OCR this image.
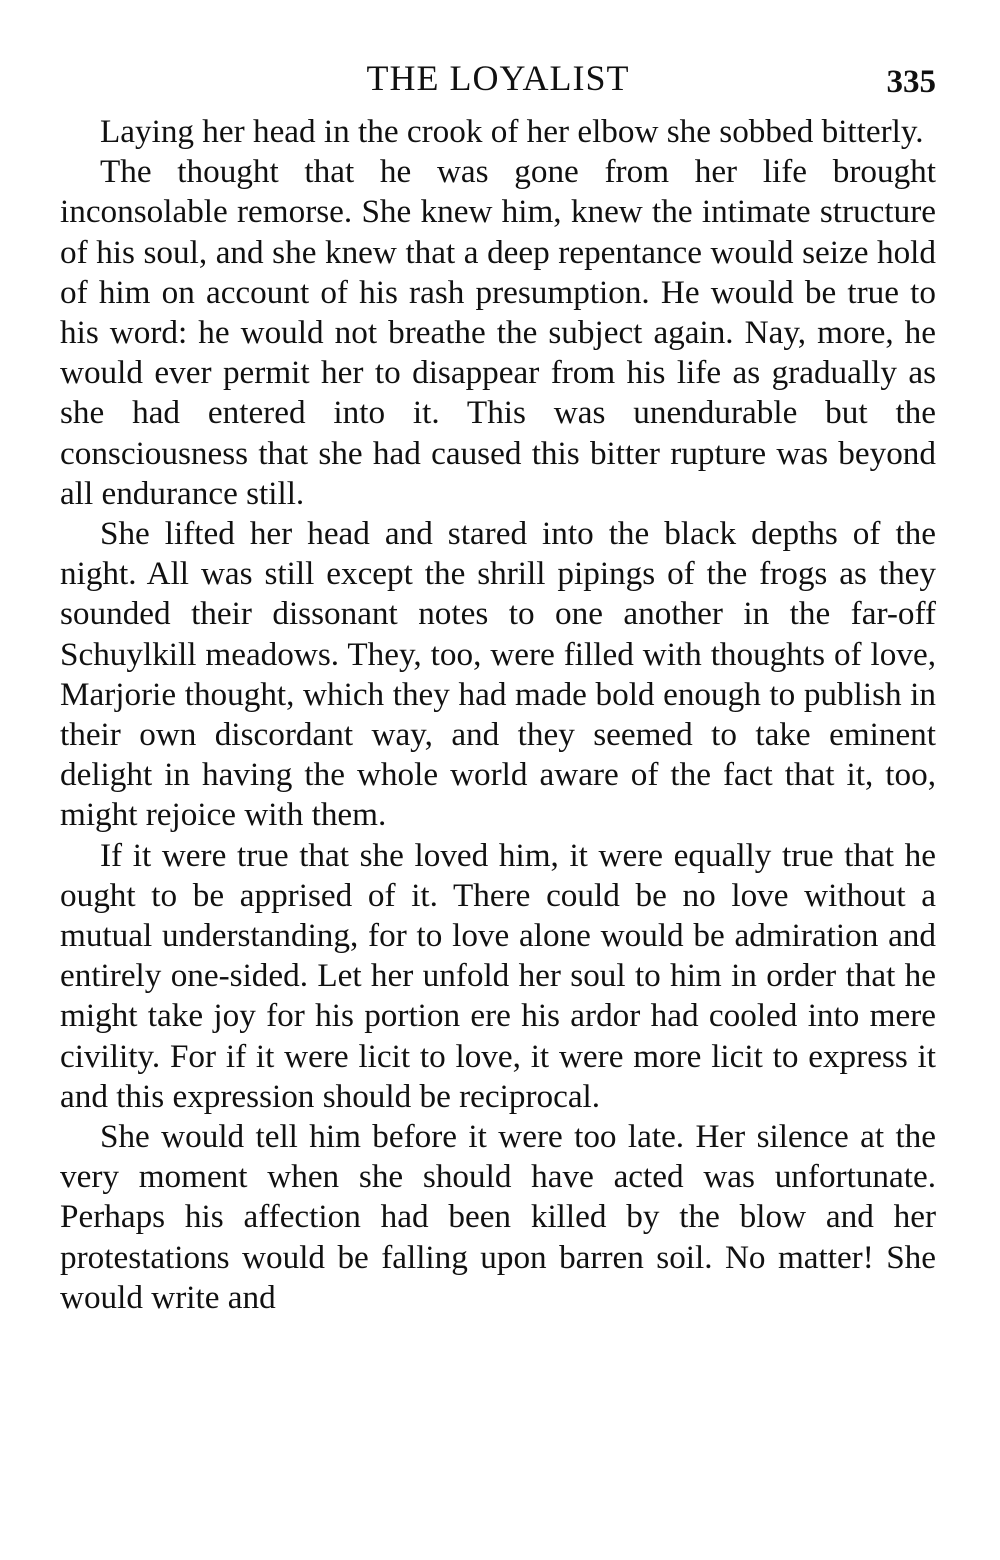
THE LOYALIST	335

Laying her head in the crook of her elbow she sobbed bitterly.

The thought that he was gone from her life brought inconsolable remorse. She knew him, knew the intimate structure of his soul, and she knew that a deep repentance would seize hold of him on account of his rash presumption. He would be true to his word: he would not breathe the subject again. Nay, more, he would ever permit her to disappear from his life as gradually as she had entered into it. This was unendurable but the consciousness that she had caused this bitter rupture was beyond all endurance still.

She lifted her head and stared into the black depths of the night. All was still except the shrill pipings of the frogs as they sounded their dissonant notes to one another in the far-off Schuylkill meadows. They, too, were filled with thoughts of love, Marjorie thought, which they had made bold enough to publish in their own discordant way, and they seemed to take eminent delight in having the whole world aware of the fact that it, too, might rejoice with them.

If it were true that she loved him, it were equally true that he ought to be apprised of it. There could be no love without a mutual understanding, for to love alone would be admiration and entirely one-sided. Let her unfold her soul to him in order that he might take joy for his portion ere his ardor had cooled into mere civility. For if it were licit to love, it were more licit to express it and this expression should be reciprocal.

She would tell him before it were too late. Her silence at the very moment when she should have acted was unfortunate. Perhaps his affection had been killed by the blow and her protestations would be falling upon barren soil. No matter! She would write and
